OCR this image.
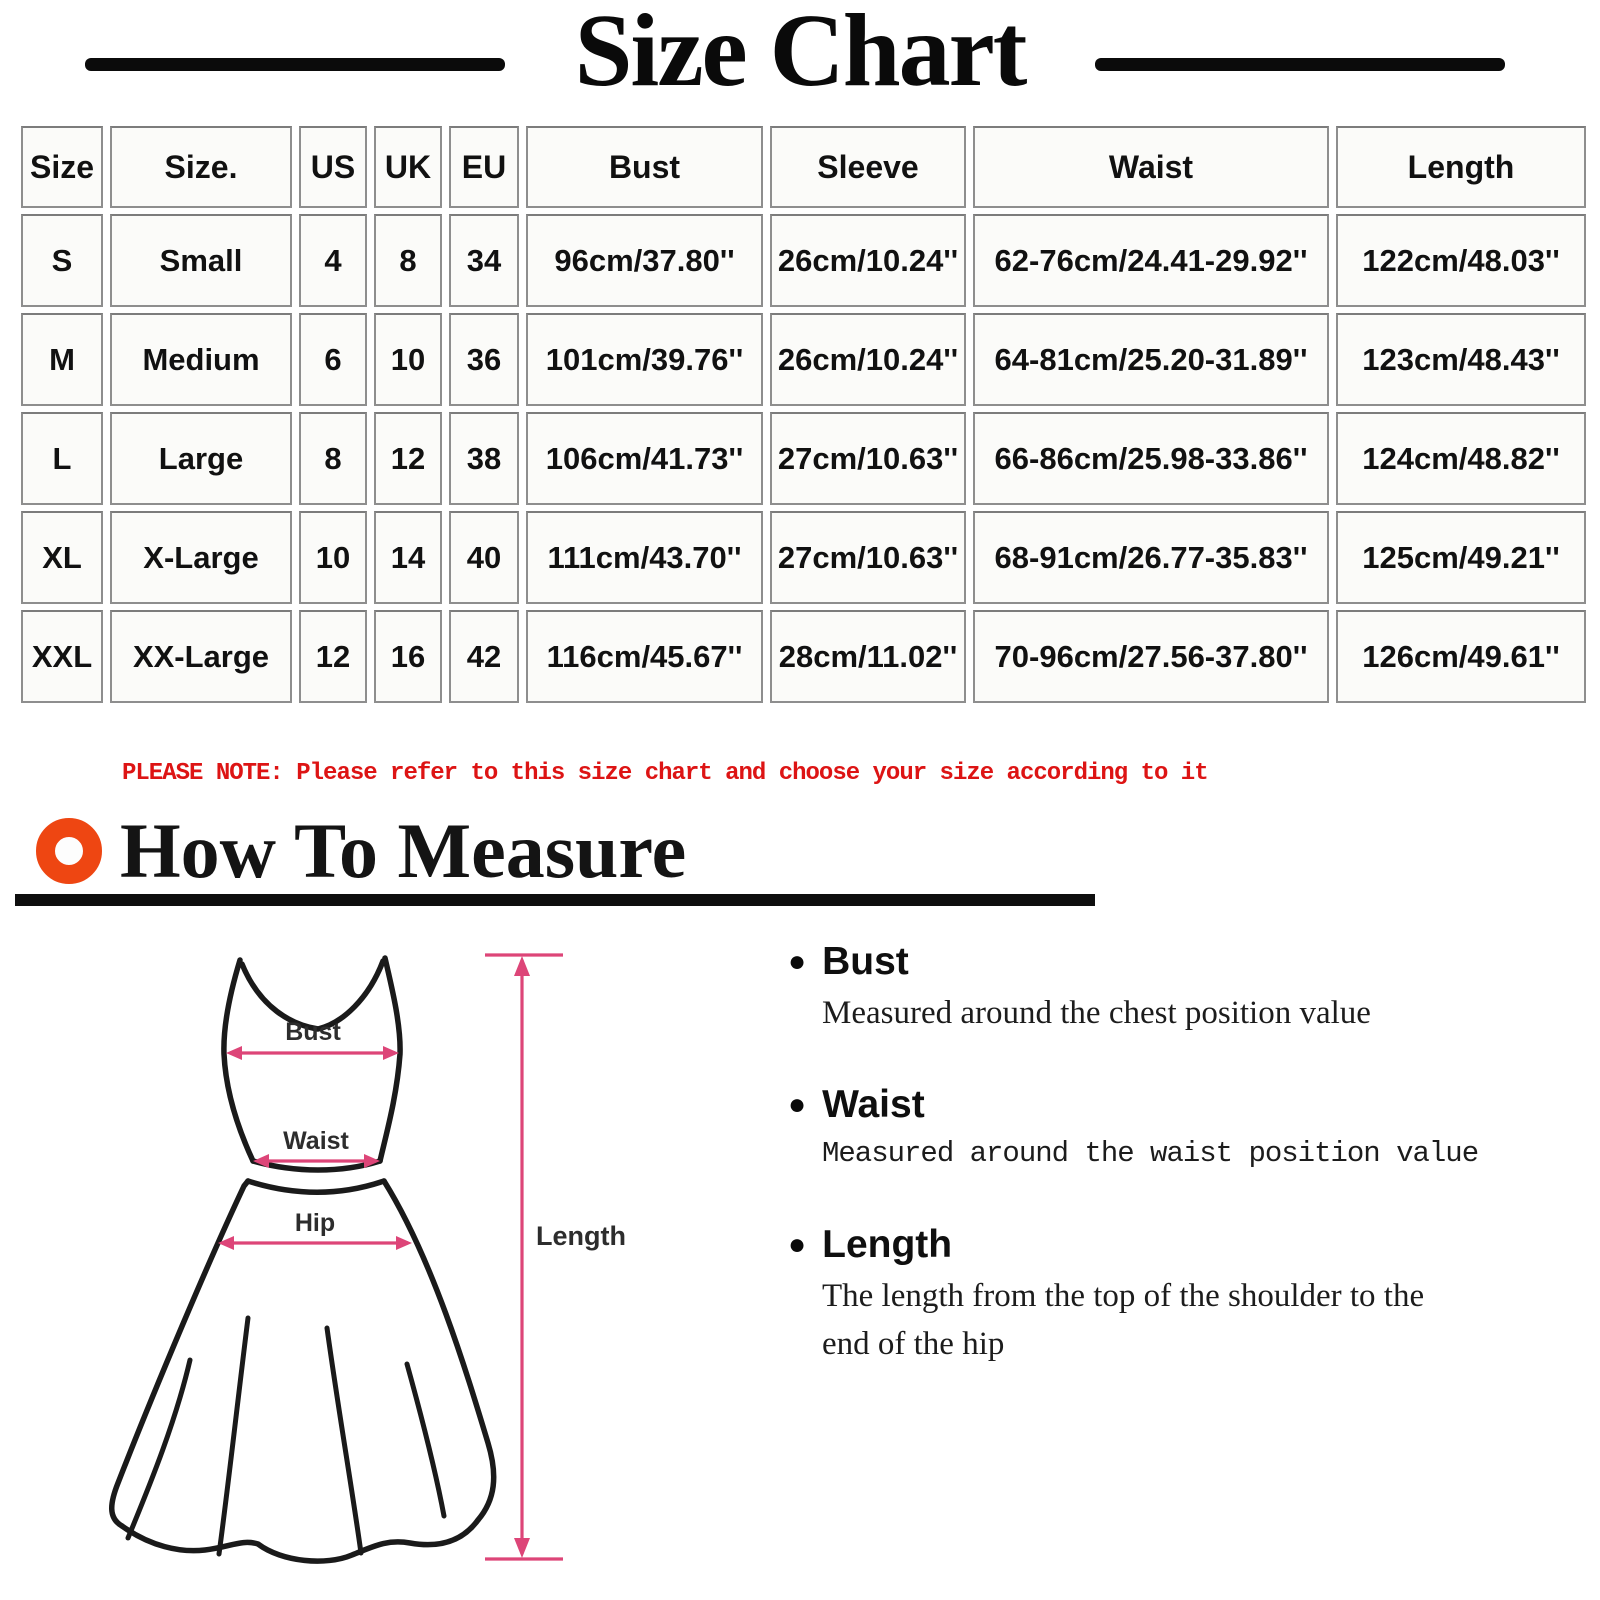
Size Chart
Size	Size.	US	UK	EU	Bust	Sleeve	Waist	Length
S	Small	4	8	34	96cm/37.80''	26cm/10.24''	62-76cm/24.41-29.92''	122cm/48.03''
M	Medium	6	10	36	101cm/39.76''	26cm/10.24''	64-81cm/25.20-31.89''	123cm/48.43''
L	Large	8	12	38	106cm/41.73''	27cm/10.63''	66-86cm/25.98-33.86''	124cm/48.82''
XL	X-Large	10	14	40	111cm/43.70''	27cm/10.63''	68-91cm/26.77-35.83''	125cm/49.21''
XXL	XX-Large	12	16	42	116cm/45.67''	28cm/11.02''	70-96cm/27.56-37.80''	126cm/49.61''
PLEASE NOTE: Please refer to this size chart and choose your size according to it
How To Measure
Bust
Waist
Hip	Length
● Bust
Measured around the chest position value
● Waist
Measured around the waist position value
● Length
The length from the top of the shoulder to the end of the hip
